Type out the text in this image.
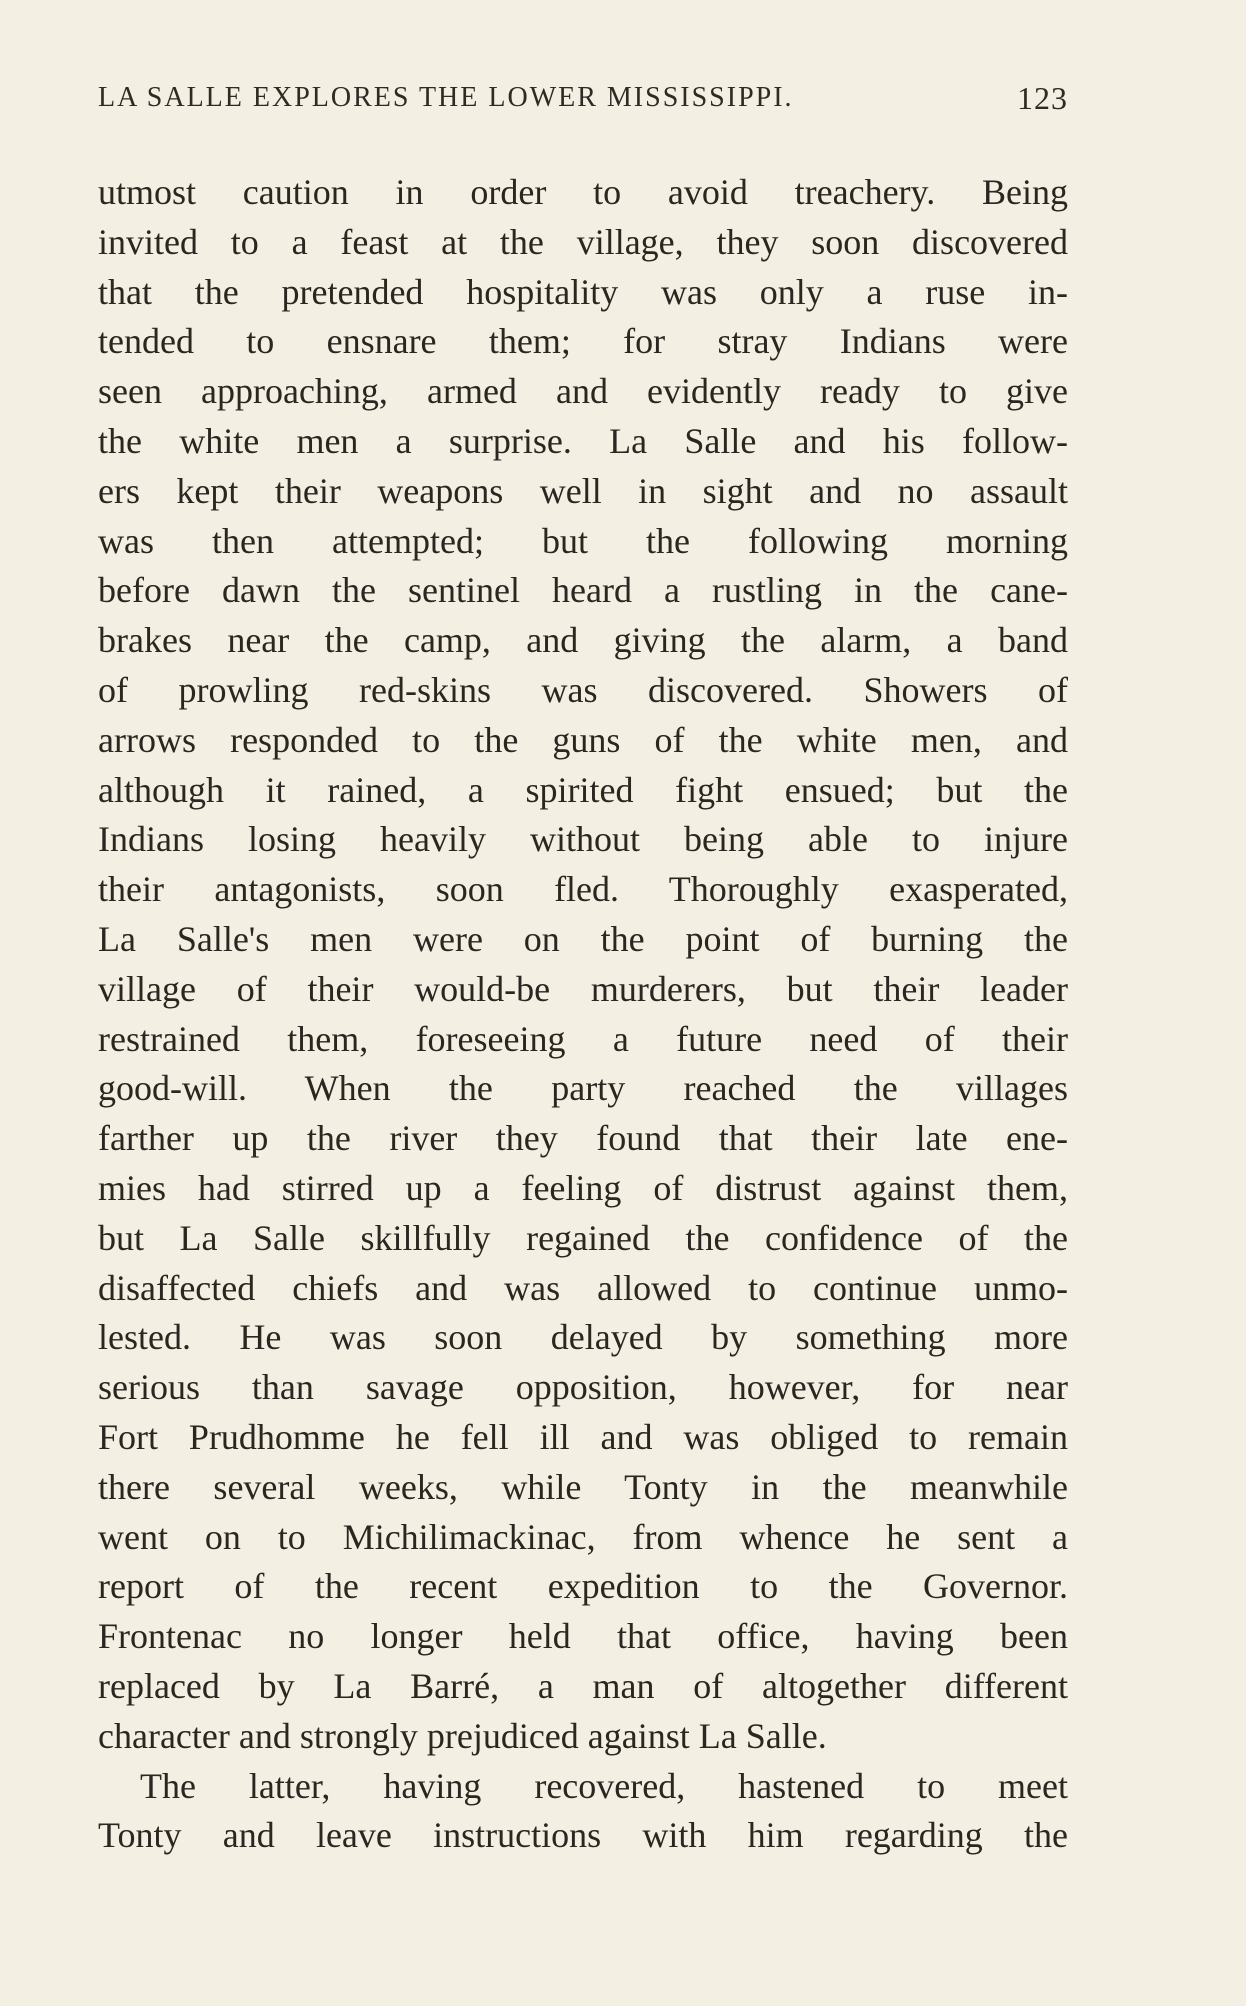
LA SALLE EXPLORES THE LOWER MISSISSIPPI.	123
utmost caution in order to avoid treachery. Being
invited to a feast at the village, they soon discovered
that the pretended hospitality was only a ruse in-
tended to ensnare them; for stray Indians were
seen approaching, armed and evidently ready to give
the white men a surprise. La Salle and his follow-
ers kept their weapons well in sight and no assault
was then attempted; but the following morning
before dawn the sentinel heard a rustling in the cane-
brakes near the camp, and giving the alarm, a band
of prowling red-skins was discovered. Showers of
arrows responded to the guns of the white men, and
although it rained, a spirited fight ensued; but the
Indians losing heavily without being able to injure
their antagonists, soon fled. Thoroughly exasperated,
La Salle's men were on the point of burning the
village of their would-be murderers, but their leader
restrained them, foreseeing a future need of their
good-will. When the party reached the villages
farther up the river they found that their late ene-
mies had stirred up a feeling of distrust against them,
but La Salle skillfully regained the confidence of the
disaffected chiefs and was allowed to continue unmo-
lested. He was soon delayed by something more
serious than savage opposition, however, for near
Fort Prudhomme he fell ill and was obliged to remain
there several weeks, while Tonty in the meanwhile
went on to Michilimackinac, from whence he sent a
report of the recent expedition to the Governor.
Frontenac no longer held that office, having been
replaced by La Barré, a man of altogether different
character and strongly prejudiced against La Salle.
The latter, having recovered, hastened to meet
Tonty and leave instructions with him regarding the
